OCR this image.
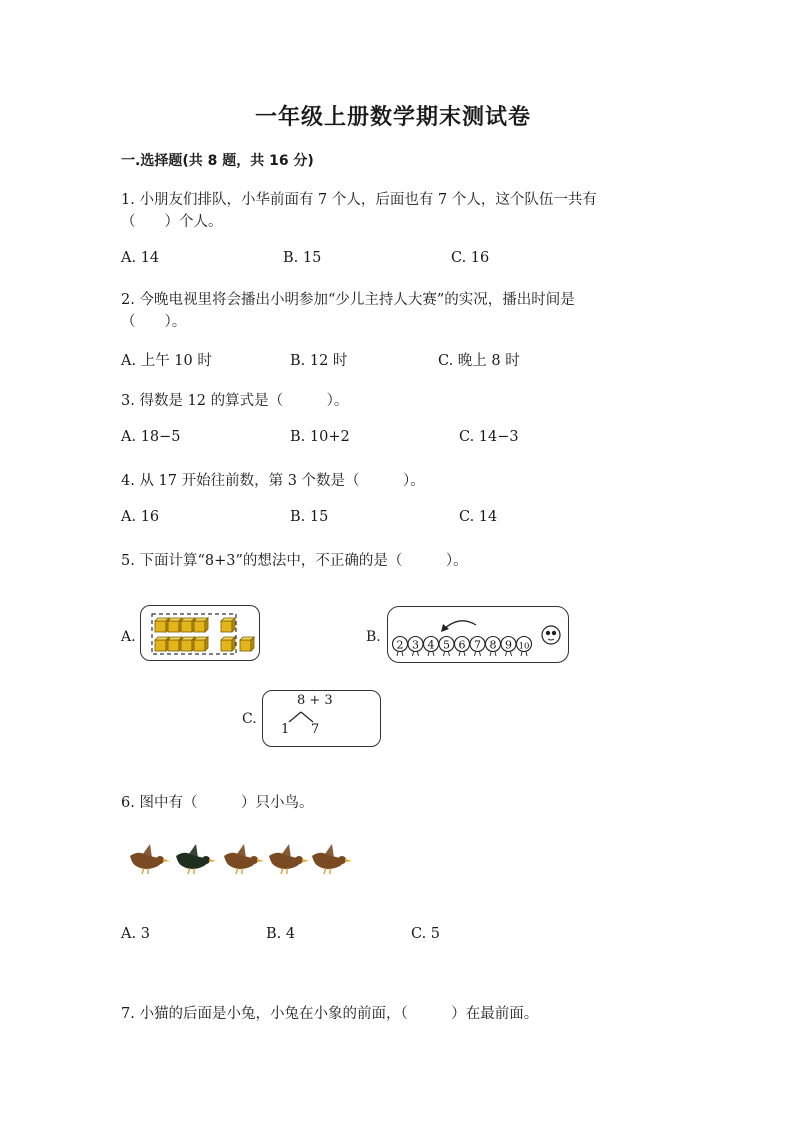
一年级上册数学期末测试卷
一.选择题(共 8 题，共 16 分)
1. 小朋友们排队，小华前面有 7 个人，后面也有 7 个人，这个队伍一共有
（　　）个人。
A. 14	B. 15	C. 16
2. 今晚电视里将会播出小明参加“少儿主持人大赛”的实况，播出时间是
（　　）。
A. 上午 10 时	B. 12 时	C. 晚上 8 时
3. 得数是 12 的算式是（　　　）。
A. 18−5	B. 10+2	C. 14−3
4. 从 17 开始往前数，第 3 个数是（　　　）。
A. 16	B. 15	C. 14
5. 下面计算“8+3”的想法中，不正确的是（　　　）。
A.	B. 2 3 4 5 6 7 8 9 10
C.
8 + 3
1 7
6. 图中有（　　　）只小鸟。
A. 3	B. 4	C. 5
7. 小猫的后面是小兔，小兔在小象的前面，（　　　）在最前面。
